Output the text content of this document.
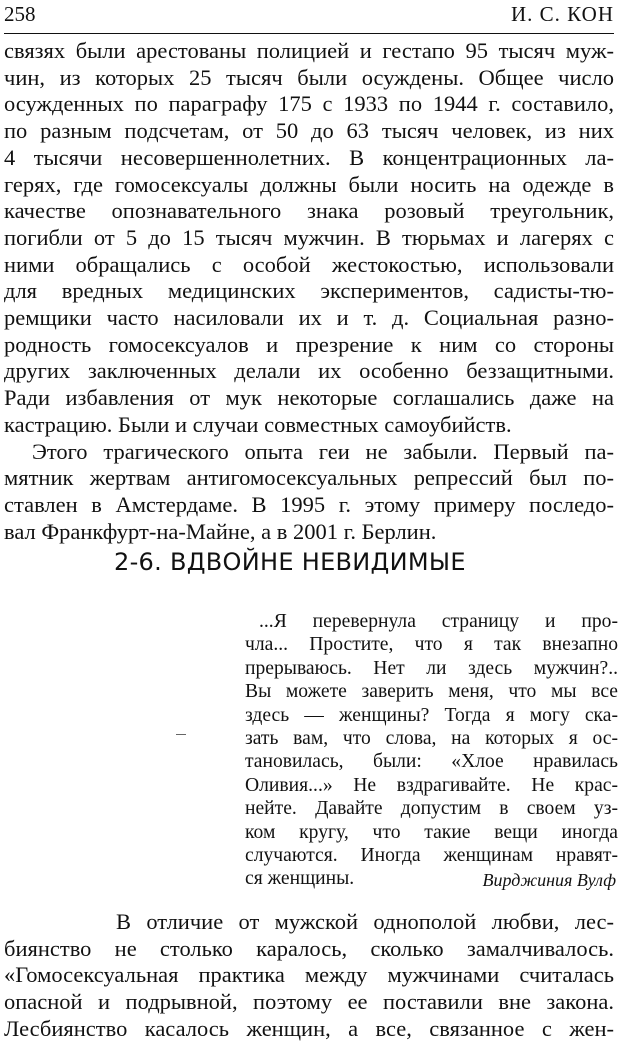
258	И. С. КОН
связях были арестованы полицией и гестапо 95 тысяч муж-
чин, из которых 25 тысяч были осуждены. Общее число
осужденных по параграфу 175 с 1933 по 1944 г. составило,
по разным подсчетам, от 50 до 63 тысяч человек, из них
4 тысячи несовершеннолетних. В концентрационных ла-
герях, где гомосексуалы должны были носить на одежде в
качестве опознавательного знака розовый треугольник,
погибли от 5 до 15 тысяч мужчин. В тюрьмах и лагерях с
ними обращались с особой жестокостью, использовали
для вредных медицинских экспериментов, садисты-тю-
ремщики часто насиловали их и т. д. Социальная разно-
родность гомосексуалов и презрение к ним со стороны
других заключенных делали их особенно беззащитными.
Ради избавления от мук некоторые соглашались даже на
кастрацию. Были и случаи совместных самоубийств.
Этого трагического опыта геи не забыли. Первый па-
мятник жертвам антигомосексуальных репрессий был по-
ставлен в Амстердаме. В 1995 г. этому примеру последо-
вал Франкфурт-на-Майне, а в 2001 г. Берлин.
2-6. ВДВОЙНЕ НЕВИДИМЫЕ
...Я перевернула страницу и про-
чла... Простите, что я так внезапно
прерываюсь. Нет ли здесь мужчин?..
Вы можете заверить меня, что мы все
здесь — женщины? Тогда я могу ска-
зать вам, что слова, на которых я ос-
тановилась, были: «Хлое нравилась
Оливия...» Не вздрагивайте. Не крас-
нейте. Давайте допустим в своем уз-
ком кругу, что такие вещи иногда
случаются. Иногда женщинам нравят-
ся женщины.	Вирджиния Вулф
В отличие от мужской однополой любви, лес-
биянство не столько каралось, сколько замалчивалось.
«Гомосексуальная практика между мужчинами считалась
опасной и подрывной, поэтому ее поставили вне закона.
Лесбиянство касалось женщин, а все, связанное с жен-
